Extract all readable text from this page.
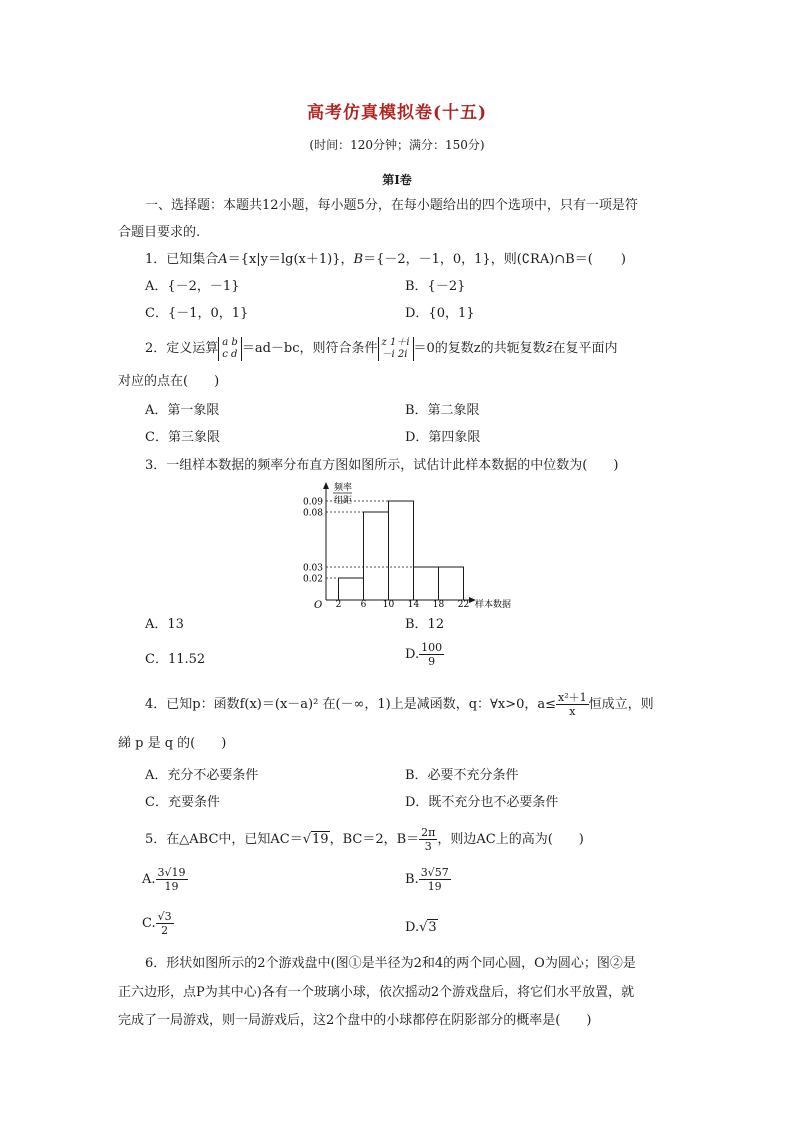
高考仿真模拟卷(十五)
(时间：120分钟；满分：150分)
第Ⅰ卷
一、选择题：本题共12小题，每小题5分，在每小题给出的四个选项中，只有一项是符
合题目要求的.
1．已知集合A＝{x|y＝lg(x＋1)}，B＝{－2，－1，0，1}，则(∁RA)∩B＝( )
A．{－2，－1}	B．{－2}
C．{－1，0，1}	D．{0，1}
2．定义运算 a b
c d ＝ad－bc，则符合条件 z 1＋i
－i 2i ＝0的复数z的共轭复数z̄在复平面内
对应的点在(　　)
A．第一象限	B．第二象限
C．第三象限	D．第四象限
3．一组样本数据的频率分布直方图如图所示，试估计此样本数据的中位数为(　　)
频率
组距
O	样本数据
0.09
0.08
0.03
0.02
2 6 10 14 18 22
A．13	B．12
C．11.52	D. $\frac{100}{9}$
4．已知p：函数f(x)＝(x－a)² 在(－∞，1)上是减函数，q：∀x>0，$a\le \frac{\text{x²＋1}}{x}$ 恒成立，则
綈 p 是 q 的(　　)
A．充分不必要条件	B．必要不充分条件
C．充要条件	D．既不充分也不必要条件
5．在△ABC中，已知AC＝√19，BC＝2，$B= \frac{2\pi}{3}$ ，则边AC上的高为(　　)
A. $\frac{3√19}{19}$	B. $\frac{3√57}{19}$
C. $\frac{√3}{2}$	D.√3
6．形状如图所示的2个游戏盘中(图①是半径为2和4的两个同心圆，O为圆心；图②是
正六边形，点P为其中心)各有一个玻璃小球，依次摇动2个游戏盘后，将它们水平放置，就
完成了一局游戏，则一局游戏后，这2个盘中的小球都停在阴影部分的概率是(　　)
